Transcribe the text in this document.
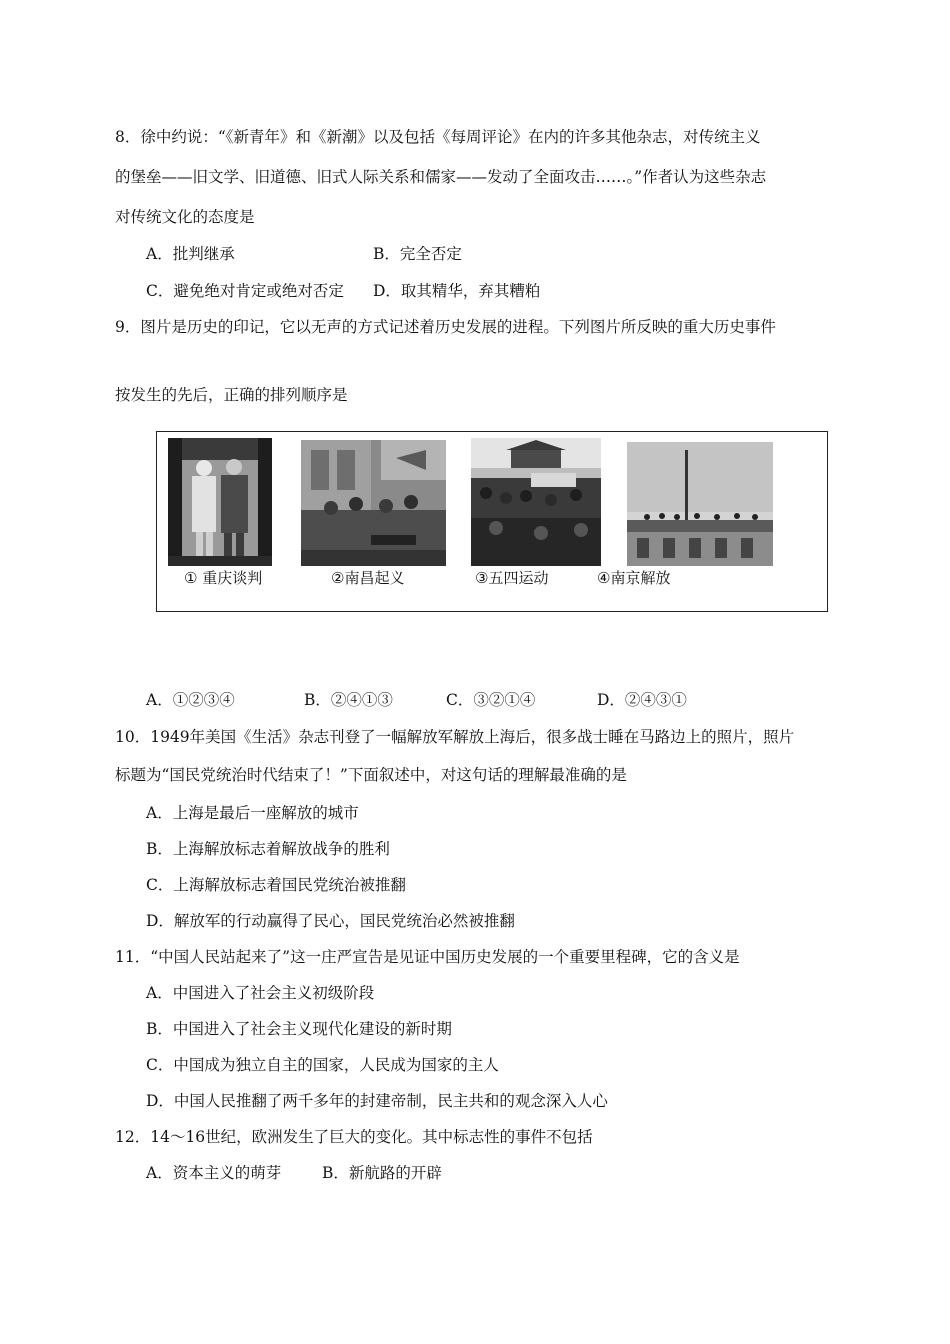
8．徐中约说：“《新青年》和《新潮》以及包括《每周评论》在内的许多其他杂志，对传统主义
的堡垒——旧文学、旧道德、旧式人际关系和儒家——发动了全面攻击……。”作者认为这些杂志
对传统文化的态度是
A．批判继承	B．完全否定
C．避免绝对肯定或绝对否定 D．取其精华，弃其糟粕
9．图片是历史的印记，它以无声的方式记述着历史发展的进程。下列图片所反映的重大历史事件
按发生的先后，正确的排列顺序是
① 重庆谈判	②南昌起义	③五四运动	④南京解放
A．①②③④	B．②④①③	C．③②①④	D．②④③①
10．1949年美国《生活》杂志刊登了一幅解放军解放上海后，很多战士睡在马路边上的照片，照片
标题为“国民党统治时代结束了！”下面叙述中，对这句话的理解最准确的是
A．上海是最后一座解放的城市
B．上海解放标志着解放战争的胜利
C．上海解放标志着国民党统治被推翻
D．解放军的行动赢得了民心，国民党统治必然被推翻
11．“中国人民站起来了”这一庄严宣告是见证中国历史发展的一个重要里程碑，它的含义是
A．中国进入了社会主义初级阶段
B．中国进入了社会主义现代化建设的新时期
C．中国成为独立自主的国家，人民成为国家的主人
D．中国人民推翻了两千多年的封建帝制，民主共和的观念深入人心
12．14～16世纪，欧洲发生了巨大的变化。其中标志性的事件不包括
A．资本主义的萌芽	B．新航路的开辟
